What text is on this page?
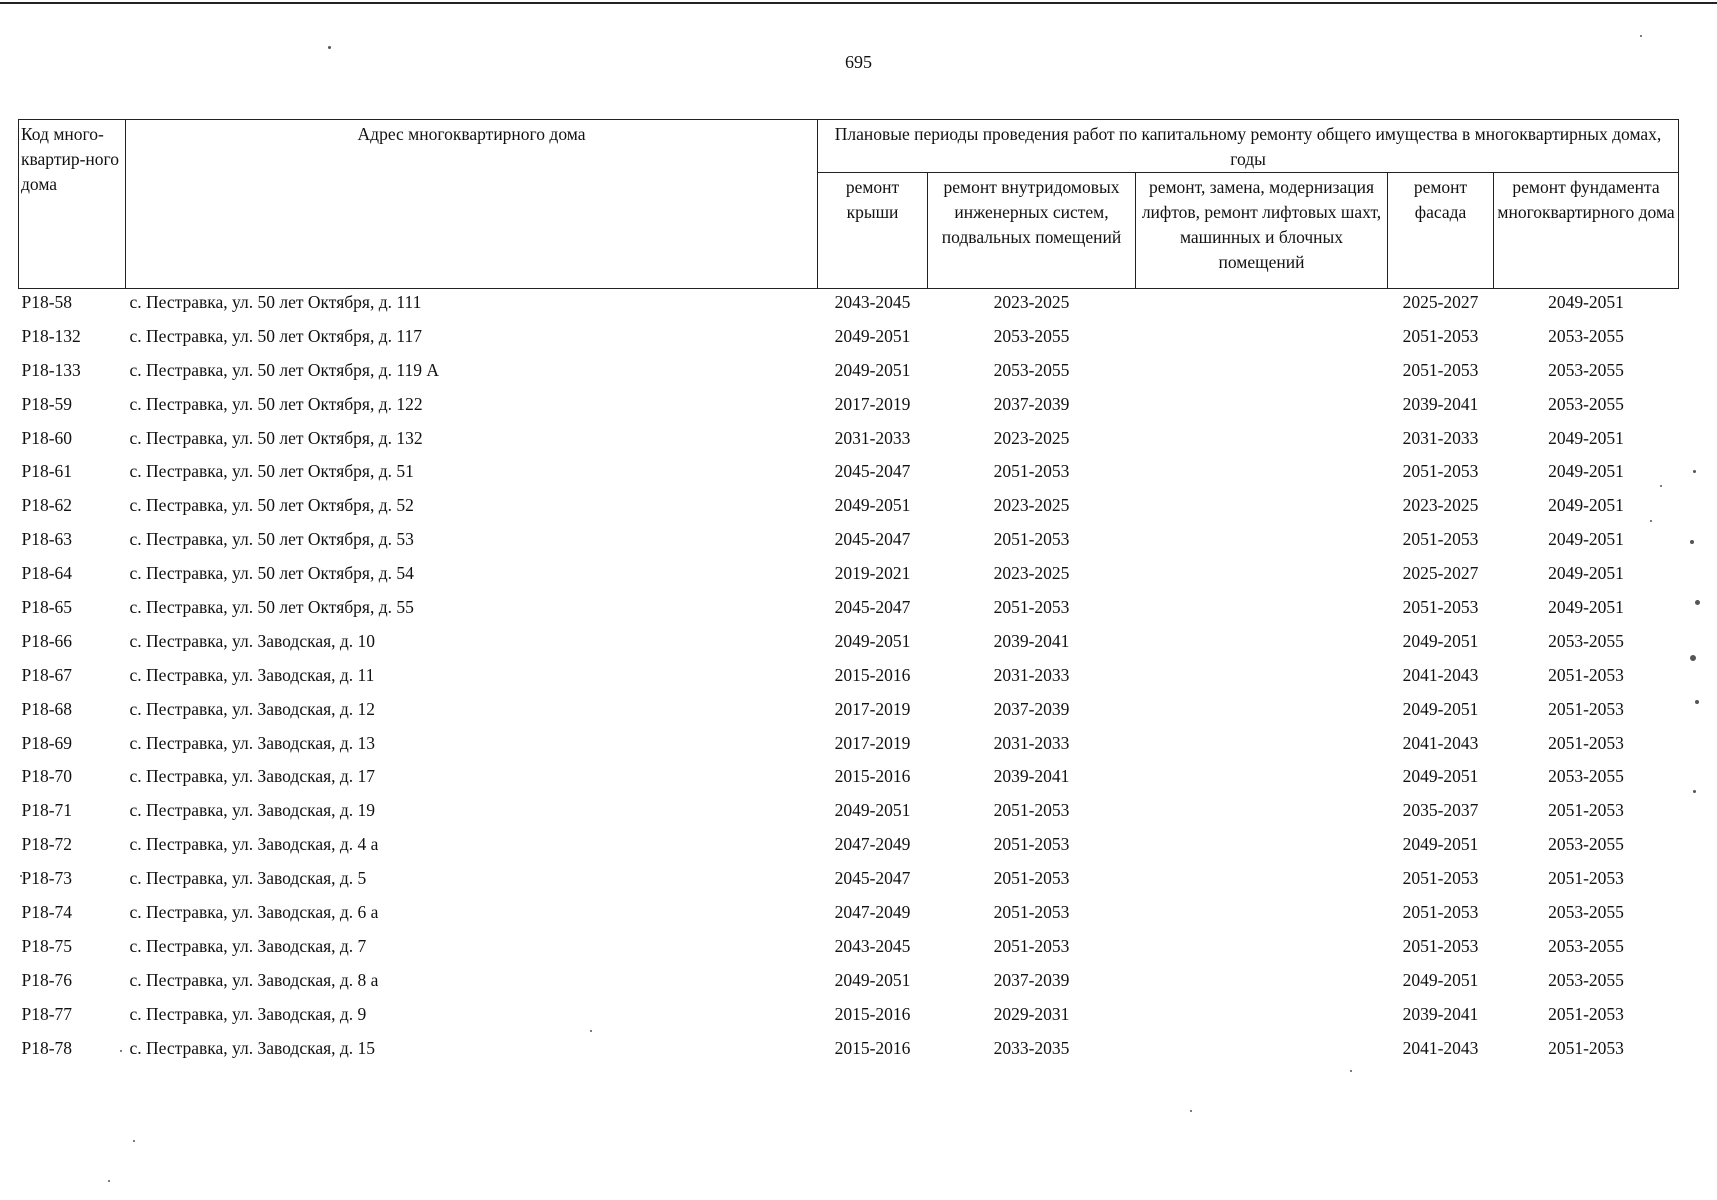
695
Код много-квартир-ного дома	Адрес многоквартирного дома	Плановые периоды проведения работ по капитальному ремонту общего имущества в многоквартирных домах, годы				
		ремонт крыши	ремонт внутридомовых инженерных систем, подвальных помещений	ремонт, замена, модернизация лифтов, ремонт лифтовых шахт, машинных и блочных помещений	ремонт фасада	ремонт фундамента многоквартирного дома
Р18-58	с. Пестравка, ул. 50 лет Октября, д. 111	2043-2045	2023-2025		2025-2027	2049-2051
Р18-132	с. Пестравка, ул. 50 лет Октября, д. 117	2049-2051	2053-2055		2051-2053	2053-2055
Р18-133	с. Пестравка, ул. 50 лет Октября, д. 119 А	2049-2051	2053-2055		2051-2053	2053-2055
Р18-59	с. Пестравка, ул. 50 лет Октября, д. 122	2017-2019	2037-2039		2039-2041	2053-2055
Р18-60	с. Пестравка, ул. 50 лет Октября, д. 132	2031-2033	2023-2025		2031-2033	2049-2051
Р18-61	с. Пестравка, ул. 50 лет Октября, д. 51	2045-2047	2051-2053		2051-2053	2049-2051
Р18-62	с. Пестравка, ул. 50 лет Октября, д. 52	2049-2051	2023-2025		2023-2025	2049-2051
Р18-63	с. Пестравка, ул. 50 лет Октября, д. 53	2045-2047	2051-2053		2051-2053	2049-2051
Р18-64	с. Пестравка, ул. 50 лет Октября, д. 54	2019-2021	2023-2025		2025-2027	2049-2051
Р18-65	с. Пестравка, ул. 50 лет Октября, д. 55	2045-2047	2051-2053		2051-2053	2049-2051
Р18-66	с. Пестравка, ул. Заводская, д. 10	2049-2051	2039-2041		2049-2051	2053-2055
Р18-67	с. Пестравка, ул. Заводская, д. 11	2015-2016	2031-2033		2041-2043	2051-2053
Р18-68	с. Пестравка, ул. Заводская, д. 12	2017-2019	2037-2039		2049-2051	2051-2053
Р18-69	с. Пестравка, ул. Заводская, д. 13	2017-2019	2031-2033		2041-2043	2051-2053
Р18-70	с. Пестравка, ул. Заводская, д. 17	2015-2016	2039-2041		2049-2051	2053-2055
Р18-71	с. Пестравка, ул. Заводская, д. 19	2049-2051	2051-2053		2035-2037	2051-2053
Р18-72	с. Пестравка, ул. Заводская, д. 4 а	2047-2049	2051-2053		2049-2051	2053-2055
Р18-73	с. Пестравка, ул. Заводская, д. 5	2045-2047	2051-2053		2051-2053	2051-2053
Р18-74	с. Пестравка, ул. Заводская, д. 6 а	2047-2049	2051-2053		2051-2053	2053-2055
Р18-75	с. Пестравка, ул. Заводская, д. 7	2043-2045	2051-2053		2051-2053	2053-2055
Р18-76	с. Пестравка, ул. Заводская, д. 8 а	2049-2051	2037-2039		2049-2051	2053-2055
Р18-77	с. Пестравка, ул. Заводская, д. 9	2015-2016	2029-2031		2039-2041	2051-2053
Р18-78	с. Пестравка, ул. Заводская, д. 15	2015-2016	2033-2035		2041-2043	2051-2053
